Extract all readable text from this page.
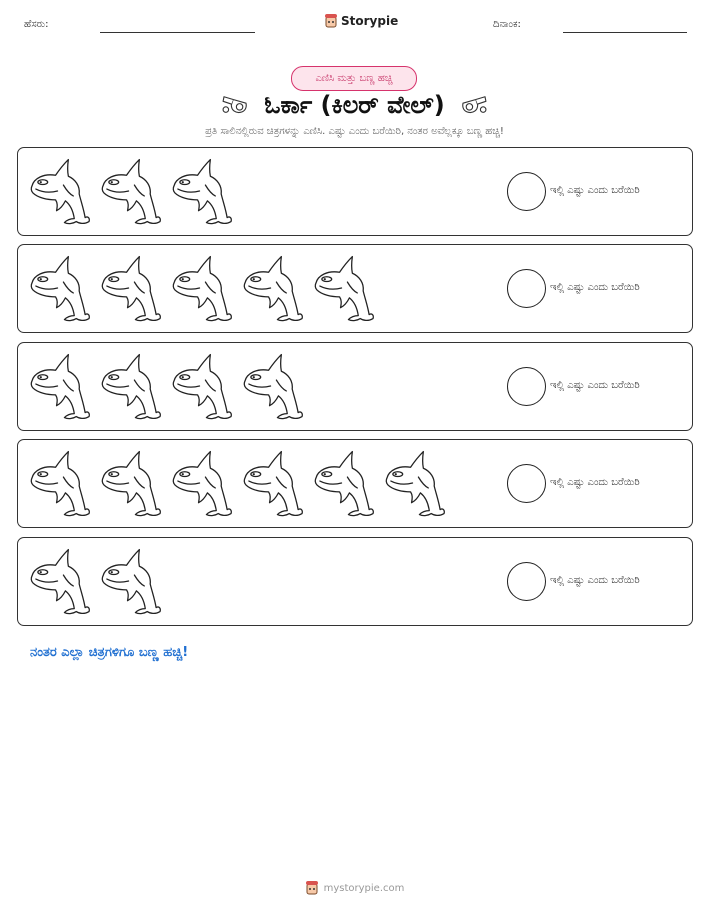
ಹೆಸರು:	Storypie	ದಿನಾಂಕ:
ಎಣಿಸಿ ಮತ್ತು ಬಣ್ಣ ಹಚ್ಚಿ
ಓರ್ಕಾ (ಕಿಲರ್ ವೇಲ್)
ಪ್ರತಿ ಸಾಲಿನಲ್ಲಿರುವ ಚಿತ್ರಗಳನ್ನು ಎಣಿಸಿ. ಎಷ್ಟು ಎಂದು ಬರೆಯಿರಿ, ನಂತರ ಅವೆಲ್ಲಕ್ಕೂ ಬಣ್ಣ ಹಚ್ಚಿ!
ಇಲ್ಲಿ ಎಷ್ಟು ಎಂದು ಬರೆಯಿರಿ
ಇಲ್ಲಿ ಎಷ್ಟು ಎಂದು ಬರೆಯಿರಿ
ಇಲ್ಲಿ ಎಷ್ಟು ಎಂದು ಬರೆಯಿರಿ
ಇಲ್ಲಿ ಎಷ್ಟು ಎಂದು ಬರೆಯಿರಿ
ಇಲ್ಲಿ ಎಷ್ಟು ಎಂದು ಬರೆಯಿರಿ
ನಂತರ ಎಲ್ಲಾ ಚಿತ್ರಗಳಿಗೂ ಬಣ್ಣ ಹಚ್ಚಿ!
mystorypie.com
